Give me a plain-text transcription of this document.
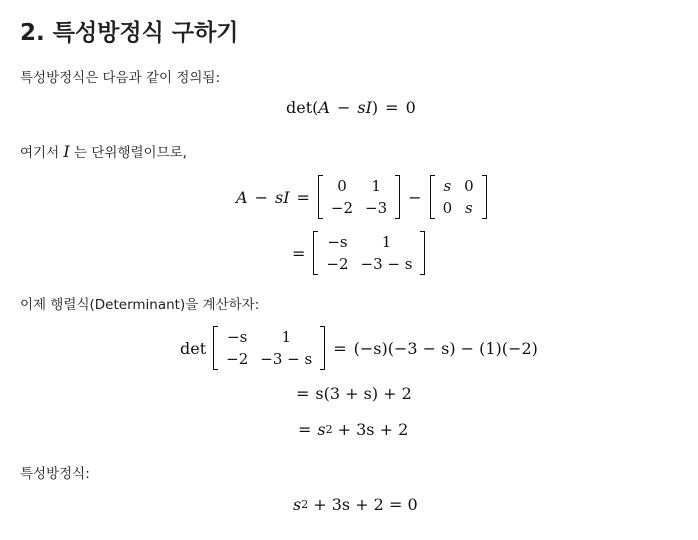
2. 특성방정식 구하기

특성방정식은 다음과 같이 정의됨:

det ( A − s I ) = 0

여기서 I 는 단위행렬이므로,

A − s I =
0	1
−2	−3
−
s	0
0	s
=
−s	1
−2	−3 − s

이제 행렬식(Determinant)을 계산하자:

det
−s	1
−2	−3 − s
= (−s)(−3 − s) − (1)(−2)
= s(3 + s) + 2
= s 2 + 3s + 2

특성방정식:

s 2 + 3s + 2 = 0
